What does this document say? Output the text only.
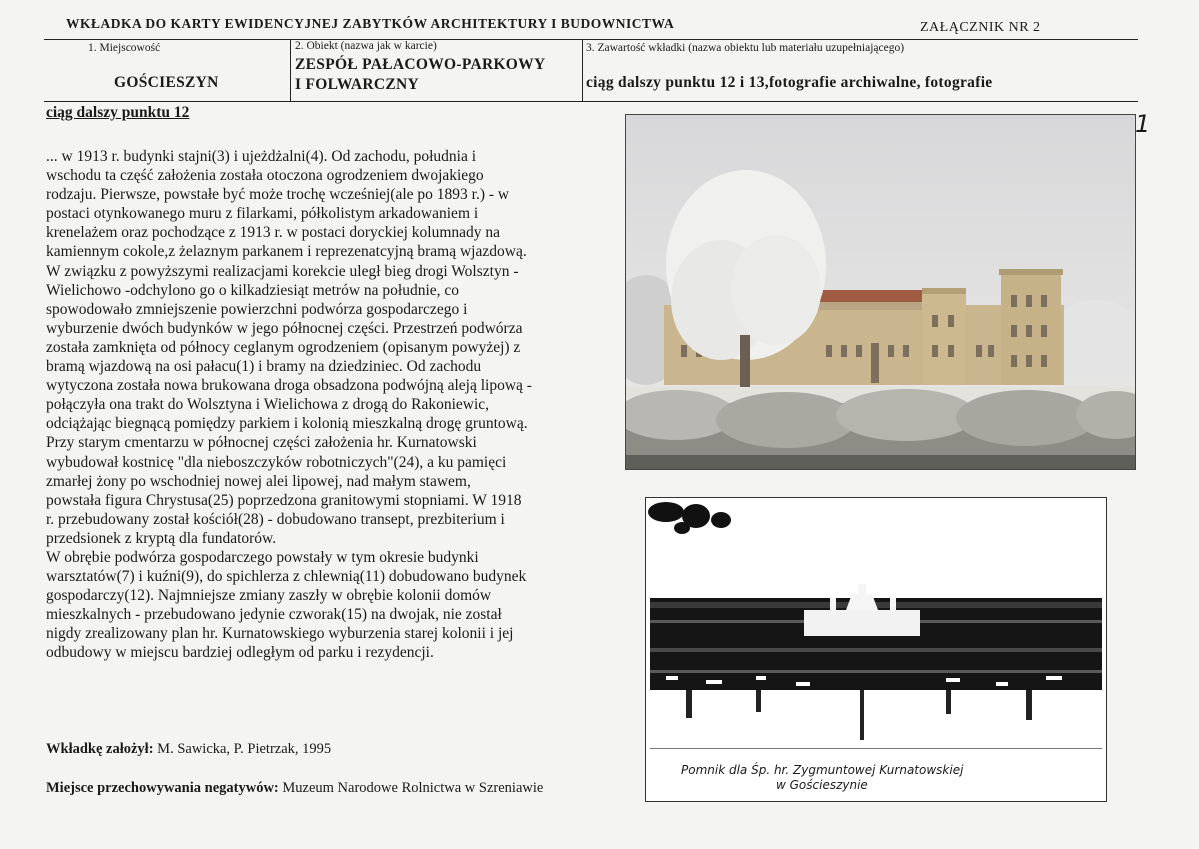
WKŁADKA DO KARTY EWIDENCYJNEJ ZABYTKÓW ARCHITEKTURY I BUDOWNICTWA	ZAŁĄCZNIK NR 2
1. Miejscowość
GOŚCIESZYN
2. Obiekt (nazwa jak w karcie)
ZESPÓŁ PAŁACOWO-PARKOWY
I FOLWARCZNY
3. Zawartość wkładki (nazwa obiektu lub materiału uzupełniającego)
ciąg dalszy punktu 12 i 13,fotografie archiwalne, fotografie
ciąg dalszy punktu 12

... w 1913 r. budynki stajni(3) i ujeżdżalni(4). Od zachodu, południa i

wschodu ta część założenia została otoczona ogrodzeniem dwojakiego

rodzaju. Pierwsze, powstałe być może trochę wcześniej(ale po 1893 r.) - w

postaci otynkowanego muru z filarkami, półkolistym arkadowaniem i

krenelażem oraz pochodzące z 1913 r. w postaci doryckiej kolumnady na

kamiennym cokole,z żelaznym parkanem i reprezenatcyjną bramą wjazdową.

W związku z powyższymi realizacjami korekcie uległ bieg drogi Wolsztyn -

Wielichowo -odchylono go o kilkadziesiąt metrów na południe, co

spowodowało zmniejszenie powierzchni podwórza gospodarczego i

wyburzenie dwóch budynków w jego północnej części. Przestrzeń podwórza

została zamknięta od północy ceglanym ogrodzeniem (opisanym powyżej) z

bramą wjazdową na osi pałacu(1) i bramy na dziedziniec. Od zachodu

wytyczona została nowa brukowana droga obsadzona podwójną aleją lipową -

połączyła ona trakt do Wolsztyna i Wielichowa z drogą do Rakoniewic,

odciążając biegnącą pomiędzy parkiem i kolonią mieszkalną drogę gruntową.

Przy starym cmentarzu w północnej części założenia hr. Kurnatowski

wybudował kostnicę "dla nieboszczyków robotniczych"(24), a ku pamięci

zmarłej żony po wschodniej nowej alei lipowej, nad małym stawem,

powstała figura Chrystusa(25) poprzedzona granitowymi stopniami. W 1918

r. przebudowany został kościół(28) - dobudowano transept, prezbiterium i

przedsionek z kryptą dla fundatorów.

W obrębie podwórza gospodarczego powstały w tym okresie budynki

warsztatów(7) i kuźni(9), do spichlerza z chlewnią(11) dobudowano budynek

gospodarczy(12). Najmniejsze zmiany zaszły w obrębie kolonii domów

mieszkalnych - przebudowano jedynie czworak(15) na dwojak, nie został

nigdy zrealizowany plan hr. Kurnatowskiego wyburzenia starej kolonii i jej

odbudowy w miejscu bardziej odległym od parku i rezydencji.

Wkładkę założył: M. Sawicka, P. Pietrzak, 1995
Miejsce przechowywania negatywów: Muzeum Narodowe Rolnictwa w Szreniawie
1
Pomnik dla Śp. hr. Zygmuntowej Kurnatowskiej
w Gościeszynie
